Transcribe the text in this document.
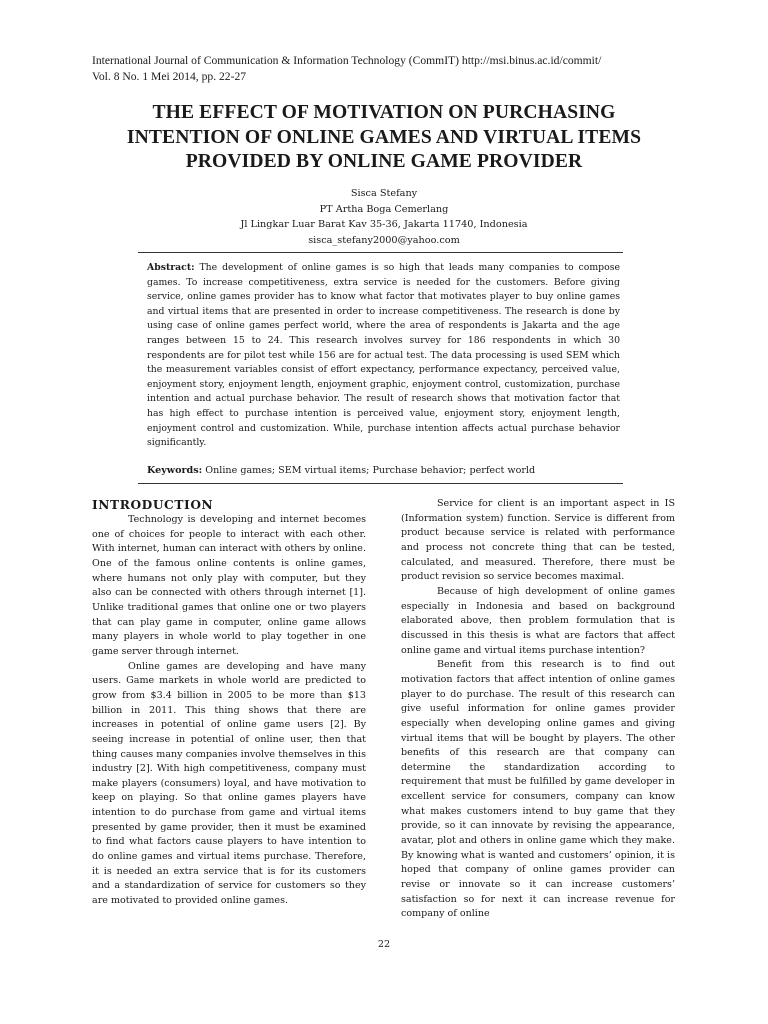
International Journal of Communication & Information Technology (CommIT) http://msi.binus.ac.id/commit/
Vol. 8 No. 1 Mei 2014, pp. 22-27
THE EFFECT OF MOTIVATION ON PURCHASING
INTENTION OF ONLINE GAMES AND VIRTUAL ITEMS
PROVIDED BY ONLINE GAME PROVIDER
Sisca Stefany
PT Artha Boga Cemerlang
Jl Lingkar Luar Barat Kav 35-36, Jakarta 11740, Indonesia
sisca_stefany2000@yahoo.com
Abstract: The development of online games is so high that leads many companies to compose games. To increase competitiveness, extra service is needed for the customers. Before giving service, online games provider has to know what factor that motivates player to buy online games and virtual items that are presented in order to increase competitiveness. The research is done by using case of online games perfect world, where the area of respondents is Jakarta and the age ranges between 15 to 24. This research involves survey for 186 respondents in which 30 respondents are for pilot test while 156 are for actual test. The data processing is used SEM which the measurement variables consist of effort expectancy, performance expectancy, perceived value, enjoyment story, enjoyment length, enjoyment graphic, enjoyment control, customization, purchase intention and actual purchase behavior. The result of research shows that motivation factor that has high effect to purchase intention is perceived value, enjoyment story, enjoyment length, enjoyment control and customization. While, purchase intention affects actual purchase behavior significantly.
Keywords: Online games; SEM virtual items; Purchase behavior; perfect world
INTRODUCTION

Technology is developing and internet becomes one of choices for people to interact with each other. With internet, human can interact with others by online. One of the famous online contents is online games, where humans not only play with computer, but they also can be connected with others through internet [1]. Unlike traditional games that online one or two players that can play game in computer, online game allows many players in whole world to play together in one game server through internet.

Online games are developing and have many users. Game markets in whole world are predicted to grow from $3.4 billion in 2005 to be more than $13 billion in 2011. This thing shows that there are increases in potential of online game users [2]. By seeing increase in potential of online user, then that thing causes many companies involve themselves in this industry [2]. With high competitiveness, company must make players (consumers) loyal, and have motivation to keep on playing. So that online games players have intention to do purchase from game and virtual items presented by game provider, then it must be examined to find what factors cause players to have intention to do online games and virtual items purchase. Therefore, it is needed an extra service that is for its customers and a standardization of service for customers so they are motivated to provided online games.

Service for client is an important aspect in IS (Information system) function. Service is different from product because service is related with performance and process not concrete thing that can be tested, calculated, and measured. Therefore, there must be product revision so service becomes maximal.

Because of high development of online games especially in Indonesia and based on background elaborated above, then problem formulation that is discussed in this thesis is what are factors that affect online game and virtual items purchase intention?

Benefit from this research is to find out motivation factors that affect intention of online games player to do purchase. The result of this research can give useful information for online games provider especially when developing online games and giving virtual items that will be bought by players. The other benefits of this research are that company can determine the standardization according to requirement that must be fulfilled by game developer in excellent service for consumers, company can know what makes customers intend to buy game that they provide, so it can innovate by revising the appearance, avatar, plot and others in online game which they make. By knowing what is wanted and customers’ opinion, it is hoped that company of online games provider can revise or innovate so it can increase customers’ satisfaction so for next it can increase revenue for company of online

22
